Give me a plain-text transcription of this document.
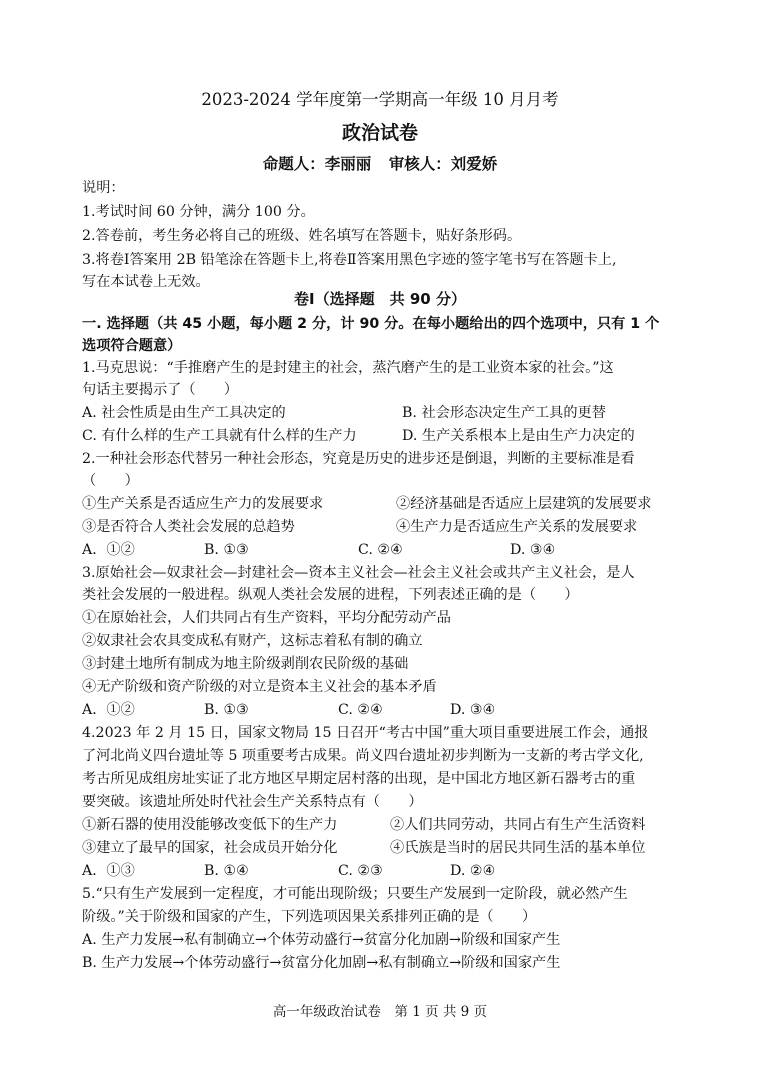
2023-2024 学年度第一学期高一年级 10 月月考
政治试卷
命题人：李丽丽 审核人：刘爱娇
说明：
1.考试时间 60 分钟，满分 100 分。
2.答卷前，考生务必将自己的班级、姓名填写在答题卡，贴好条形码。
3.将卷Ⅰ答案用 2B 铅笔涂在答题卡上,将卷Ⅱ答案用黑色字迹的签字笔书写在答题卡上,
写在本试卷上无效。
卷Ⅰ（选择题　共 90 分）
一. 选择题（共 45 小题，每小题 2 分，计 90 分。在每小题给出的四个选项中，只有 1 个
选项符合题意）
1.马克思说：“手推磨产生的是封建主的社会，蒸汽磨产生的是工业资本家的社会。”这
句话主要揭示了（　　）
A. 社会性质是由生产工具决定的	B. 社会形态决定生产工具的更替
C. 有什么样的生产工具就有什么样的生产力	D. 生产关系根本上是由生产力决定的
2.一种社会形态代替另一种社会形态，究竟是历史的进步还是倒退，判断的主要标准是看
（　　）
①生产关系是否适应生产力的发展要求	②经济基础是否适应上层建筑的发展要求
③是否符合人类社会发展的总趋势	④生产力是否适应生产关系的发展要求
A．①②	B. ①③	C. ②④	D. ③④
3.原始社会—奴隶社会—封建社会—资本主义社会—社会主义社会或共产主义社会，是人
类社会发展的一般进程。纵观人类社会发展的进程，下列表述正确的是（　　）
①在原始社会，人们共同占有生产资料，平均分配劳动产品
②奴隶社会农具变成私有财产，这标志着私有制的确立
③封建土地所有制成为地主阶级剥削农民阶级的基础
④无产阶级和资产阶级的对立是资本主义社会的基本矛盾
A．①②	B. ①③	C. ②④	D. ③④
4.2023 年 2 月 15 日，国家文物局 15 日召开“考古中国”重大项目重要进展工作会，通报
了河北尚义四台遗址等 5 项重要考古成果。尚义四台遗址初步判断为一支新的考古学文化,
考古所见成组房址实证了北方地区早期定居村落的出现，是中国北方地区新石器考古的重
要突破。该遗址所处时代社会生产关系特点有（　　）
①新石器的使用没能够改变低下的生产力	②人们共同劳动，共同占有生产生活资料
③建立了最早的国家，社会成员开始分化	④氏族是当时的居民共同生活的基本单位
A．①③	B. ①④	C. ②③	D. ②④
5.“只有生产发展到一定程度，才可能出现阶级；只要生产发展到一定阶段，就必然产生
阶级。”关于阶级和国家的产生，下列选项因果关系排列正确的是（　　）
A. 生产力发展→私有制确立→个体劳动盛行→贫富分化加剧→阶级和国家产生
B. 生产力发展→个体劳动盛行→贫富分化加剧→私有制确立→阶级和国家产生
高一年级政治试卷　第 1 页 共 9 页
